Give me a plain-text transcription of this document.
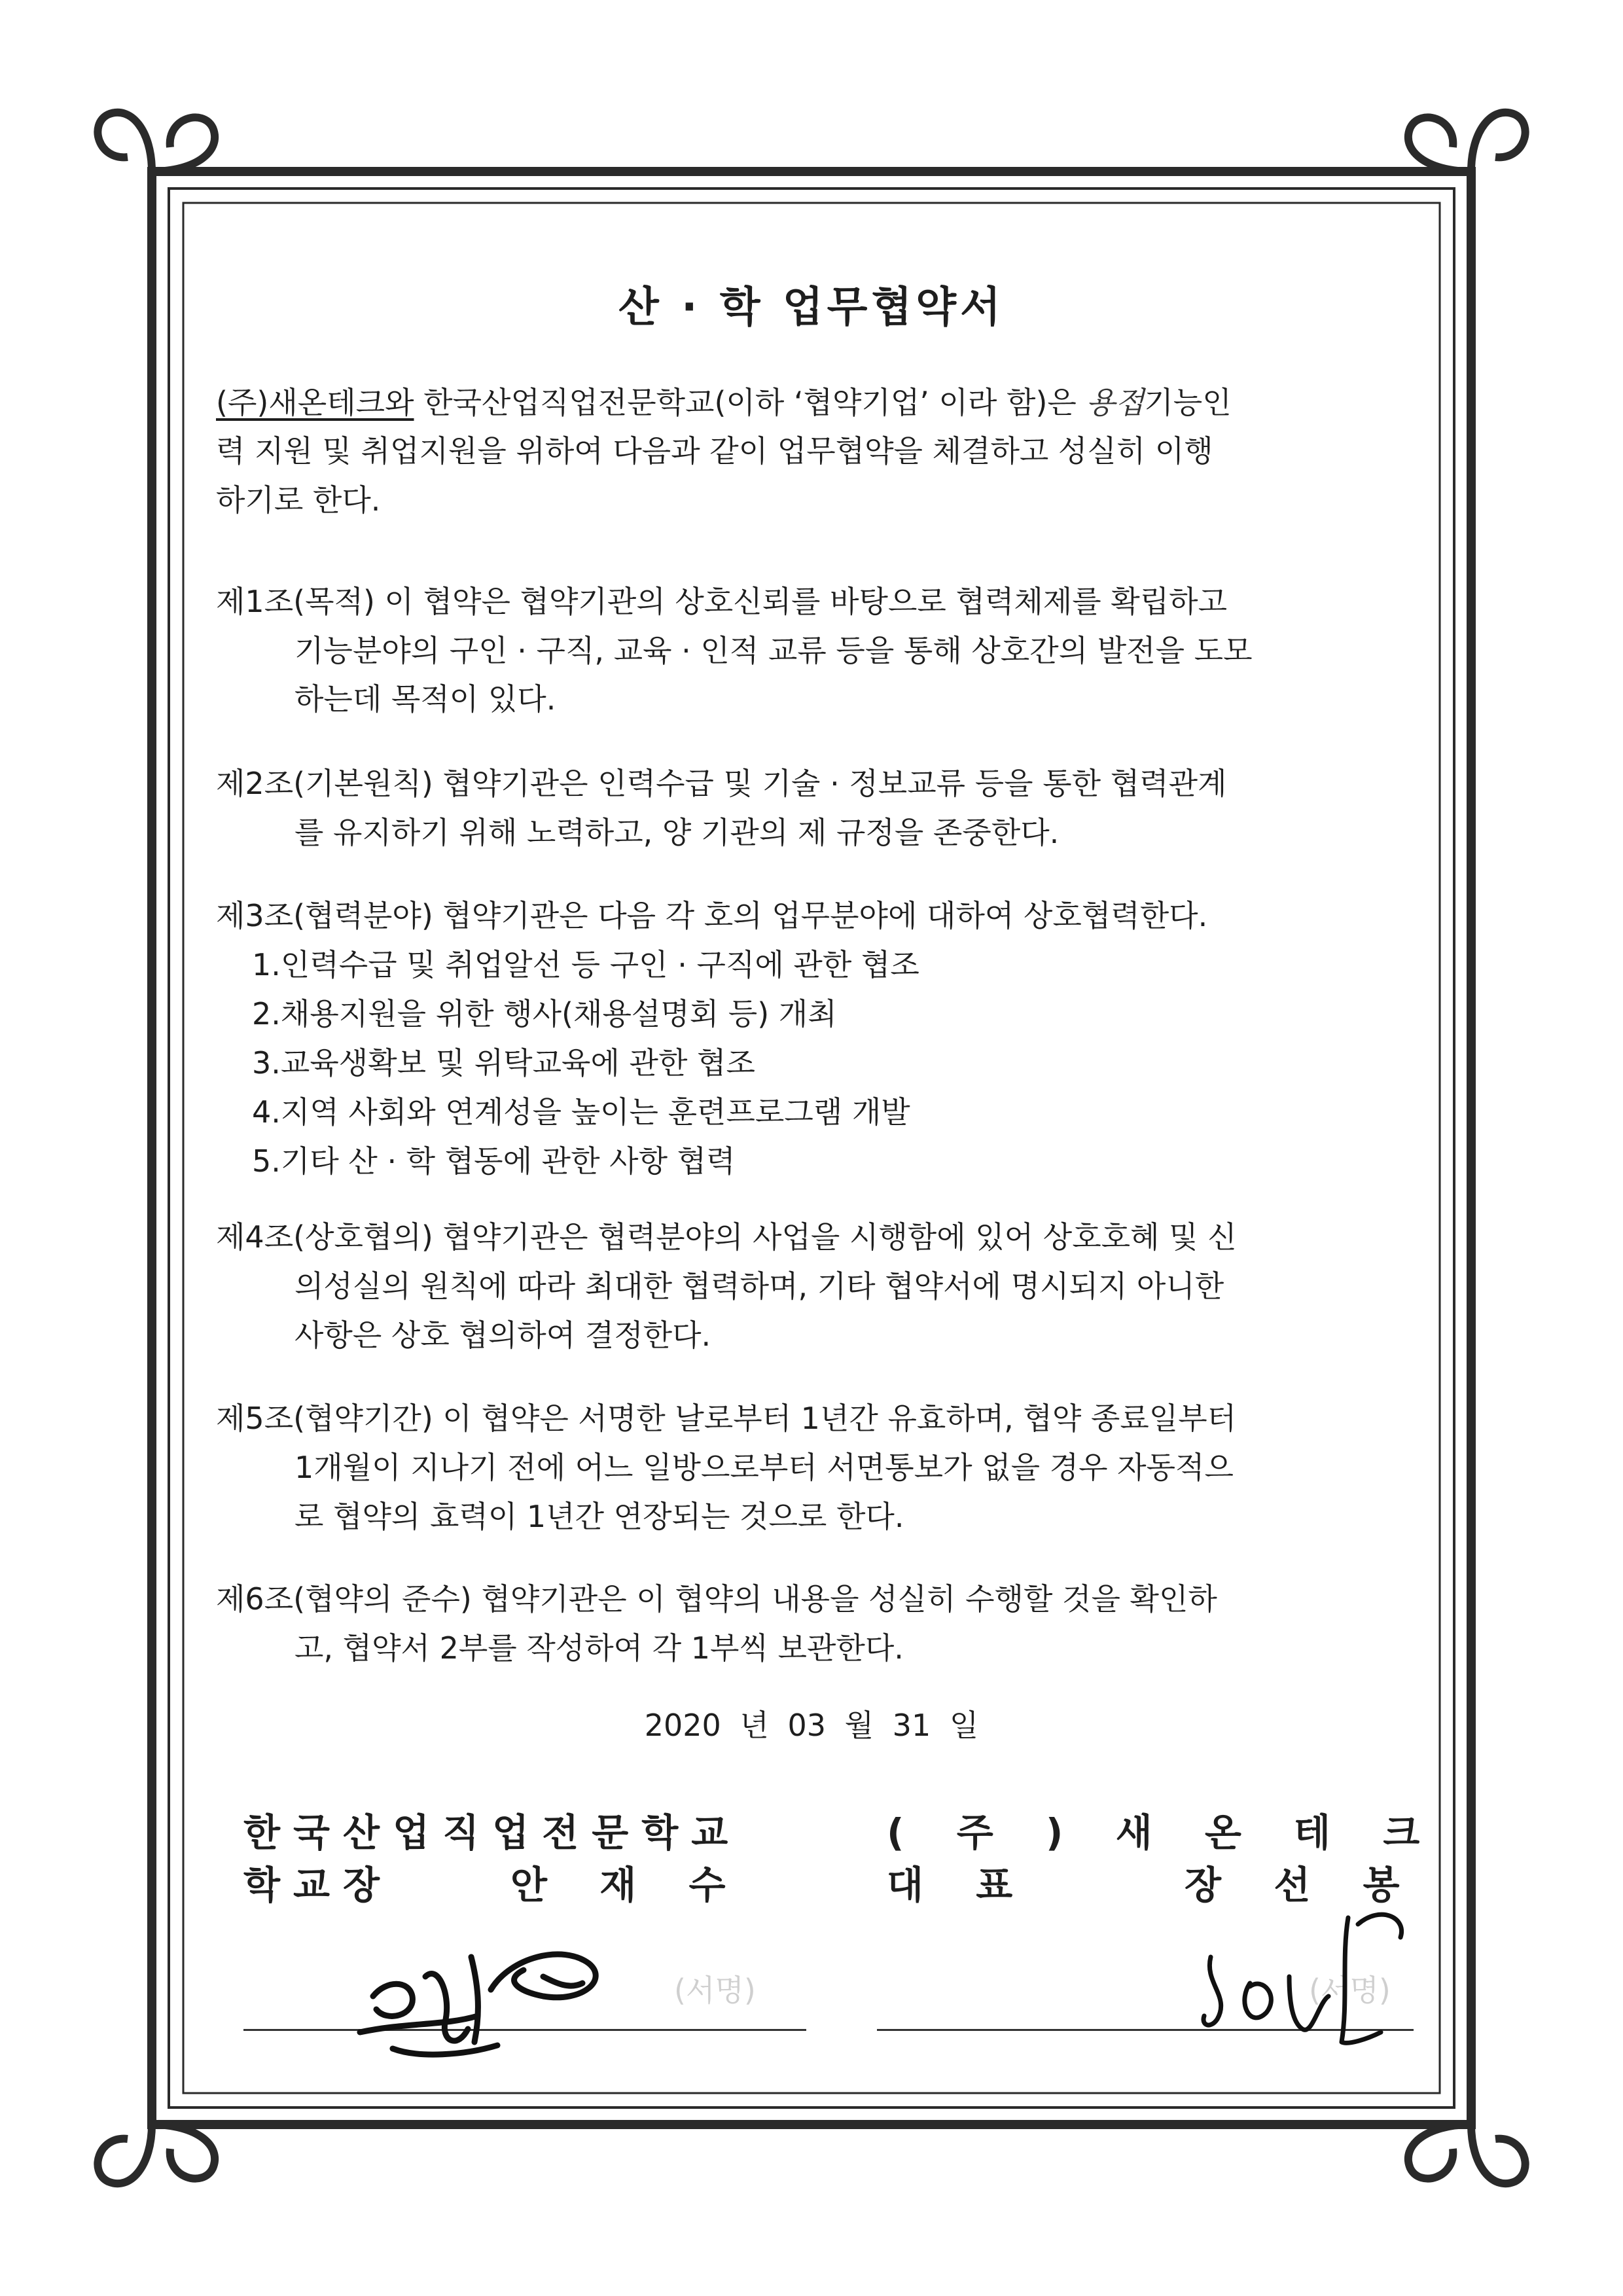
산 · 학 업무협약서
(주)새온테크와 한국산업직업전문학교(이하 ‘협약기업’ 이라 함)은 용접기능인
력 지원 및 취업지원을 위하여 다음과 같이 업무협약을 체결하고 성실히 이행
하기로 한다.
제1조(목적) 이 협약은 협약기관의 상호신뢰를 바탕으로 협력체제를 확립하고
기능분야의 구인 · 구직, 교육 · 인적 교류 등을 통해 상호간의 발전을 도모
하는데 목적이 있다.
제2조(기본원칙) 협약기관은 인력수급 및 기술 · 정보교류 등을 통한 협력관계
를 유지하기 위해 노력하고, 양 기관의 제 규정을 존중한다.
제3조(협력분야) 협약기관은 다음 각 호의 업무분야에 대하여 상호협력한다.
1.인력수급 및 취업알선 등 구인 · 구직에 관한 협조
2.채용지원을 위한 행사(채용설명회 등) 개최
3.교육생확보 및 위탁교육에 관한 협조
4.지역 사회와 연계성을 높이는 훈련프로그램 개발
5.기타 산 · 학 협동에 관한 사항 협력
제4조(상호협의) 협약기관은 협력분야의 사업을 시행함에 있어 상호호혜 및 신
의성실의 원칙에 따라 최대한 협력하며, 기타 협약서에 명시되지 아니한
사항은 상호 협의하여 결정한다.
제5조(협약기간) 이 협약은 서명한 날로부터 1년간 유효하며, 협약 종료일부터
1개월이 지나기 전에 어느 일방으로부터 서면통보가 없을 경우 자동적으
로 협약의 효력이 1년간 연장되는 것으로 한다.
제6조(협약의 준수) 협약기관은 이 협약의 내용을 성실히 수행할 것을 확인하
고, 협약서 2부를 작성하여 각 1부씩 보관한다.
2020 년 03 월 31 일
한국산업직업전문학교
학교장	안 재 수
( 주 ) 새 온 테 크
대 표	장 선 봉
(서명)	(서명)
